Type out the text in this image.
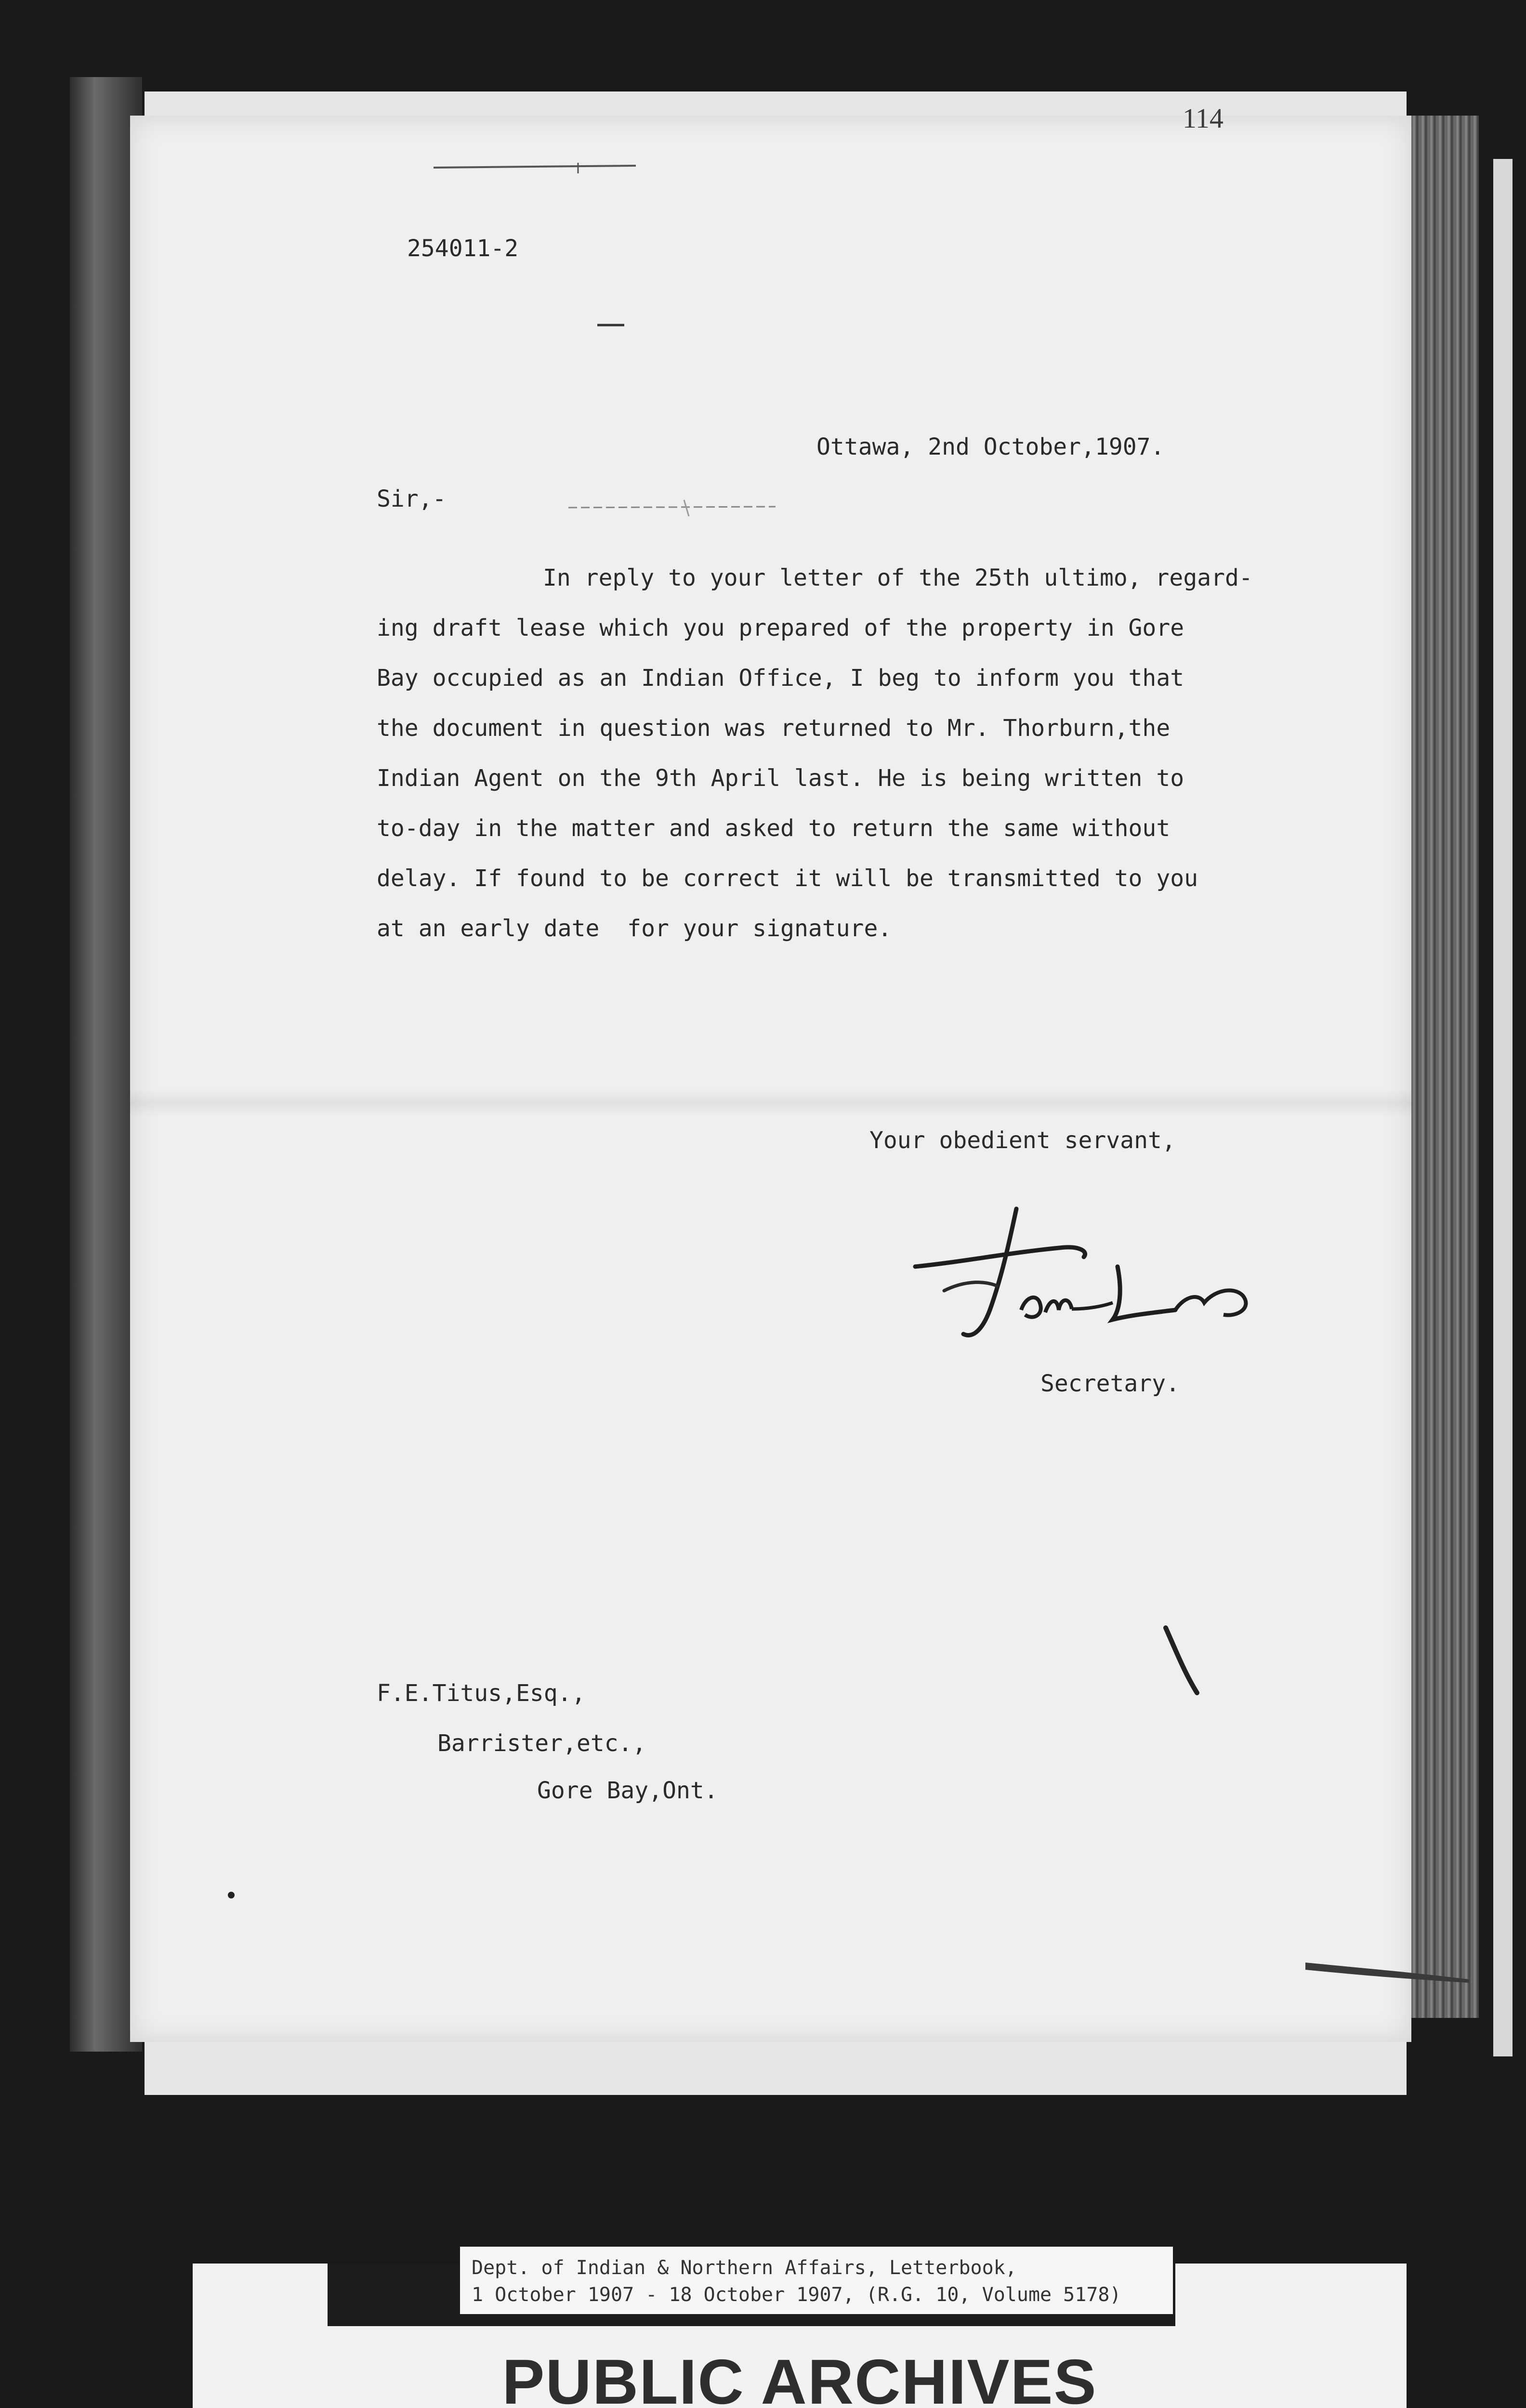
114
254011-2
Ottawa, 2nd October,1907.
Sir,-
In reply to your letter of the 25th ultimo, regard-
ing draft lease which you prepared of the property in Gore
Bay occupied as an Indian Office, I beg to inform you that
the document in question was returned to Mr. Thorburn,the
Indian Agent on the 9th April last. He is being written to
to-day in the matter and asked to return the same without
delay. If found to be correct it will be transmitted to you
at an early date  for your signature.
Your obedient servant,
Secretary.
F.E.Titus,Esq.,
Barrister,etc.,
Gore Bay,Ont.
Dept. of Indian & Northern Affairs, Letterbook,
1 October 1907 - 18 October 1907, (R.G. 10, Volume 5178)
PUBLIC ARCHIVES
